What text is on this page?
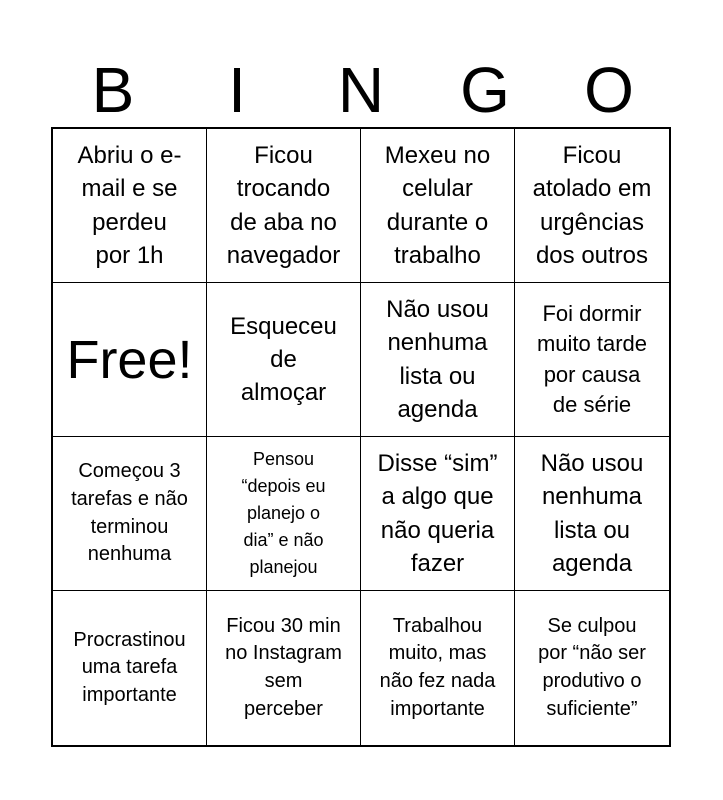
B	I	N	G	O
Abriu o e-
mail e se
perdeu
por 1h
Ficou
trocando
de aba no
navegador
Mexeu no
celular
durante o
trabalho
Ficou
atolado em
urgências
dos outros
Free!
Esqueceu
de
almoçar
Não usou
nenhuma
lista ou
agenda
Foi dormir
muito tarde
por causa
de série
Começou 3
tarefas e não
terminou
nenhuma
Pensou
“depois eu
planejo o
dia” e não
planejou
Disse “sim”
a algo que
não queria
fazer
Não usou
nenhuma
lista ou
agenda
Procrastinou
uma tarefa
importante
Ficou 30 min
no Instagram
sem
perceber
Trabalhou
muito, mas
não fez nada
importante
Se culpou
por “não ser
produtivo o
suficiente”
